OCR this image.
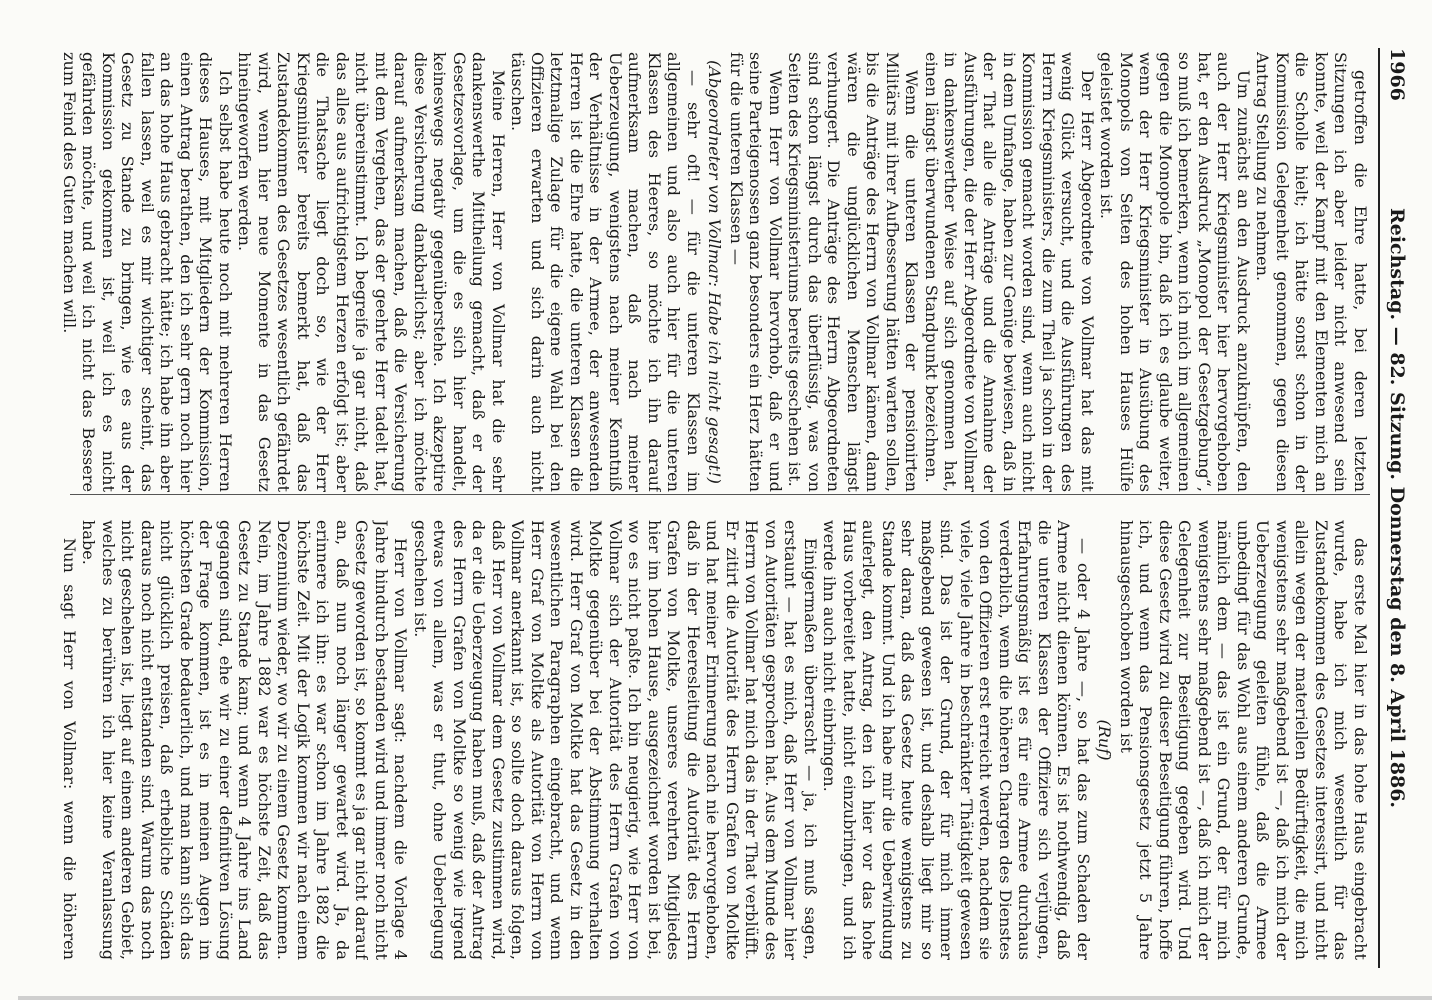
1966
Reichstag. — 82. Sitzung. Donnerstag den 8. April 1886.

getroffen die Ehre hatte, bei deren letzten Sitzungen ich aber leider nicht anwesend sein konnte, weil der Kampf mit den Elementen mich an die Scholle hielt; ich hätte sonst schon in der Kommission Gelegenheit genommen, gegen diesen Antrag Stellung zu nehmen.

Um zunächst an den Ausdruck anzuknüpfen, den auch der Herr Kriegsminister hier hervorgehoben hat, er den Ausdruck „Monopol der Gesetzgebung“, so muß ich bemerken, wenn ich mich im allgemeinen gegen die Monopole bin, daß ich es glaube weiter, wenn der Herr Kriegsminister in Ausübung des Monopols von Seiten des hohen Hauses Hülfe geleistet worden ist.

Der Herr Abgeordnete von Vollmar hat das mit wenig Glück versucht, und die Ausführungen des Herrn Kriegsministers, die zum Theil ja schon in der Kommission gemacht worden sind, wenn auch nicht in dem Umfange, haben zur Genüge bewiesen, daß in der That alle die Anträge und die Annahme der Ausführungen, die der Herr Abgeordnete von Vollmar in dankenswerther Weise auf sich genommen hat, einen längst überwundenen Standpunkt bezeichnen.

Wenn die unteren Klassen der pensionirten Militärs mit ihrer Aufbesserung hätten warten sollen, bis die Anträge des Herrn von Vollmar kämen, dann wären die unglücklichen Menschen längst verhungert. Die Anträge des Herrn Abgeordneten sind schon längst durch das überflüssig, was von Seiten des Kriegsministeriums bereits geschehen ist.

Wenn Herr von Vollmar hervorhob, daß er und seine Parteigenossen ganz besonders ein Herz hätten für die unteren Klassen —

(Abgeordneter von Vollmar: Habe ich nicht gesagt!)

— sehr oft! — für die unteren Klassen im allgemeinen und also auch hier für die unteren Klassen des Heeres, so möchte ich ihn darauf aufmerksam machen, daß nach meiner Ueberzeugung, wenigstens nach meiner Kenntniß der Verhältnisse in der Armee, der anwesenden Herren ist die Ehre hatte, die unteren Klassen die letztmalige Zulage für die eigene Wahl bei den Offizieren erwarten und sich darin auch nicht täuschen.

Meine Herren, Herr von Vollmar hat die sehr dankenswerthe Mittheilung gemacht, daß er der Gesetzesvorlage, um die es sich hier handelt, keineswegs negativ gegenüberstehe. Ich akzeptire diese Versicherung dankbarlichst; aber ich möchte darauf aufmerksam machen, daß die Versicherung mit dem Vergehen, das der geehrte Herr tadelt hat, nicht übereinstimmt. Ich begreife ja gar nicht, daß das alles aus aufrichtigstem Herzen erfolgt ist; aber die Thatsache liegt doch so, wie der Herr Kriegsminister bereits bemerkt hat, daß das Zustandekommen des Gesetzes wesentlich gefährdet wird, wenn hier neue Momente in das Gesetz hineingeworfen werden.

Ich selbst habe heute noch mit mehreren Herren dieses Hauses, mit Mitgliedern der Kommission, einen Antrag berathen, den ich sehr gern noch hier an das hohe Haus gebracht hätte; ich habe ihn aber fallen lassen, weil es mir wichtiger scheint, das Gesetz zu Stande zu bringen, wie es aus der Kommission gekommen ist, weil ich es nicht gefährden möchte, und weil ich nicht das Bessere zum Feind des Guten machen will.

das erste Mal hier in das hohe Haus eingebracht wurde, habe ich mich wesentlich für das Zustandekommen des Gesetzes interessirt, und nicht allein wegen der materiellen Bedürftigkeit, die mich wenigstens sehr maßgebend ist —, daß ich mich der Ueberzeugung geleiten fühle, daß die Armee unbedingt für das Wohl aus einem anderen Grunde, nämlich dem — das ist ein Grund, der für mich wenigstens sehr maßgebend ist —, daß ich mich der Gelegenheit zur Beseitigung gegeben wird. Und diese Gesetz wird zu dieser Beseitigung führen, hoffe ich, und wenn das Pensionsgesetz jetzt 5 Jahre hinausgeschoben worden ist

(Ruf)

— oder 4 Jahre —, so hat das zum Schaden der Armee nicht dienen können. Es ist nothwendig, daß die unteren Klassen der Offiziere sich verjüngen, Erfahrungsmäßig ist es für eine Armee durchaus verderblich, wenn die höheren Chargen des Dienstes von den Offizieren erst erreicht werden, nachdem sie viele, viele Jahre in beschränkter Thätigkeit gewesen sind. Das ist der Grund, der für mich immer maßgebend gewesen ist, und deshalb liegt mir so sehr daran, daß das Gesetz heute wenigstens zu Stande kommt. Und ich habe mir die Ueberwindung auferlegt, den Antrag, den ich hier vor das hohe Haus vorbereitet hatte, nicht einzubringen, und ich werde ihn auch nicht einbringen.

Einigermaßen überrascht — ja, ich muß sagen, erstaunt — hat es mich, daß Herr von Vollmar hier von Autoritäten gesprochen hat. Aus dem Munde des Herrn von Vollmar hat mich das in der That verblüfft. Er zitirt die Autorität des Herrn Grafen von Moltke und hat meiner Erinnerung nach nie hervorgehoben, daß in der Heeresleitung die Autorität des Herrn Grafen von Moltke, unseres verehrten Mitgliedes hier im hohen Hause, ausgezeichnet worden ist bei, wo es nicht paßte. Ich bin neugierig, wie Herr von Vollmar sich der Autorität des Herrn Grafen von Moltke gegenüber bei der Abstimmung verhalten wird. Herr Graf von Moltke hat das Gesetz in den wesentlichen Paragraphen eingebracht, und wenn Herr Graf von Moltke als Autorität von Herrn von Vollmar anerkannt ist, so sollte doch daraus folgen, daß Herr von Vollmar dem Gesetz zustimmen wird, da er die Ueberzeugung haben muß, daß der Antrag des Herrn Grafen von Moltke so wenig wie irgend etwas von allem, was er thut, ohne Ueberlegung geschehen ist.

Herr von Vollmar sagt: nachdem die Vorlage 4 Jahre hindurch bestanden wird und immer noch nicht Gesetz geworden ist, so kommt es ja gar nicht darauf an, daß nun noch länger gewartet wird. Ja, da erinnere ich ihn: es war schon im Jahre 1882 die höchste Zeit. Mit der Logik kommen wir nach einem Dezennium wieder, wo wir zu einem Gesetz kommen. Nein, im Jahre 1882 war es höchste Zeit, daß das Gesetz zu Stande kam; und wenn 4 Jahre ins Land gegangen sind, ehe wir zu einer definitiven Lösung der Frage kommen, ist es in meinen Augen im höchsten Grade bedauerlich, und man kann sich das nicht glücklich preisen, daß erhebliche Schäden daraus noch nicht entstanden sind. Warum das noch nicht geschehen ist, liegt auf einem anderen Gebiet, welches zu berühren ich hier keine Veranlassung habe.

Nun sagt Herr von Vollmar: wenn die höheren
